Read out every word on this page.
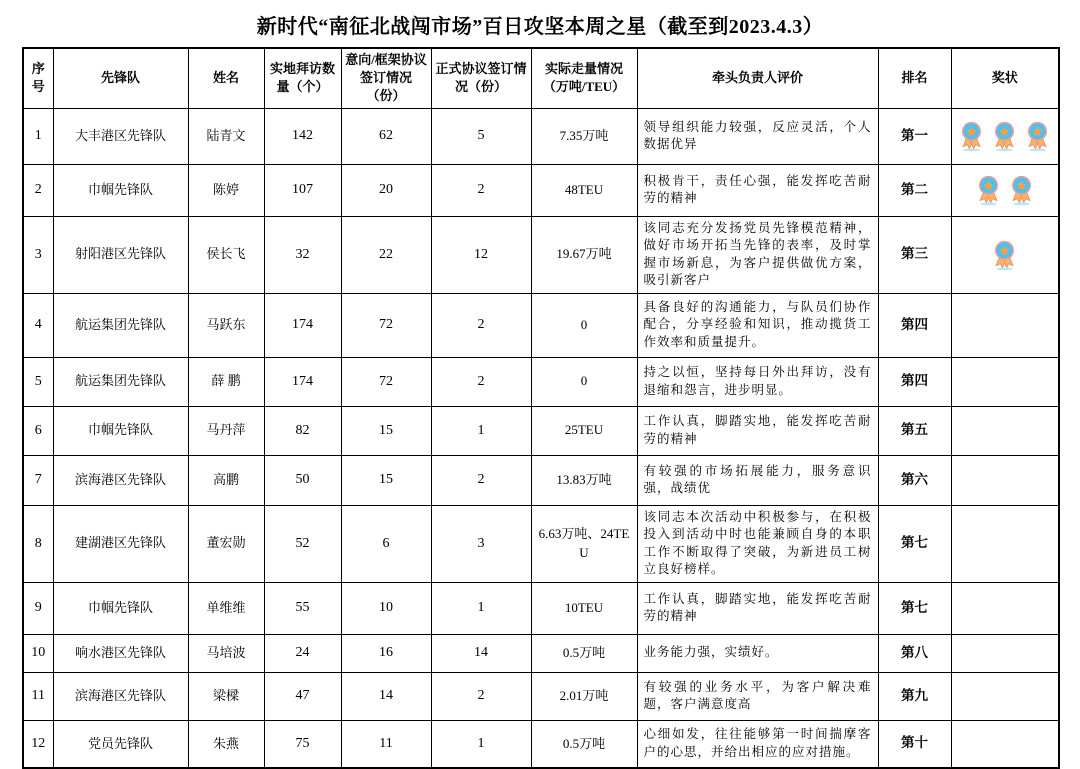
新时代“南征北战闯市场”百日攻坚本周之星（截至到2023.4.3）
序号	先锋队	姓名	实地拜访数量（个）	意向/框架协议签订情况（份）	正式协议签订情况（份）	实际走量情况（万吨/TEU）	牵头负责人评价	排名	奖状
1	大丰港区先锋队	陆青文	142	62	5	7.35万吨	领导组织能力较强，反应灵活，个人数据优异	第一	
2	巾帼先锋队	陈婷	107	20	2	48TEU	积极肯干，责任心强，能发挥吃苦耐劳的精神	第二	
3	射阳港区先锋队	侯长飞	32	22	12	19.67万吨	该同志充分发扬党员先锋模范精神，做好市场开拓当先锋的表率，及时掌握市场新息，为客户提供做优方案，吸引新客户	第三	
4	航运集团先锋队	马跃东	174	72	2	0	具备良好的沟通能力，与队员们协作配合，分享经验和知识，推动揽货工作效率和质量提升。	第四	
5	航运集团先锋队	薛 鹏	174	72	2	0	持之以恒，坚持每日外出拜访，没有退缩和怨言，进步明显。	第四	
6	巾帼先锋队	马丹萍	82	15	1	25TEU	工作认真，脚踏实地，能发挥吃苦耐劳的精神	第五	
7	滨海港区先锋队	高鹏	50	15	2	13.83万吨	有较强的市场拓展能力，服务意识强，战绩优	第六	
8	建湖港区先锋队	董宏勋	52	6	3	6.63万吨、24TEU	该同志本次活动中积极参与，在积极投入到活动中时也能兼顾自身的本职工作不断取得了突破，为新进员工树立良好榜样。	第七	
9	巾帼先锋队	单维维	55	10	1	10TEU	工作认真，脚踏实地，能发挥吃苦耐劳的精神	第七	
10	响水港区先锋队	马培波	24	16	14	0.5万吨	业务能力强，实绩好。	第八	
11	滨海港区先锋队	梁樑	47	14	2	2.01万吨	有较强的业务水平，为客户解决难题，客户满意度高	第九	
12	党员先锋队	朱燕	75	11	1	0.5万吨	心细如发，往往能够第一时间揣摩客户的心思，并给出相应的应对措施。	第十	
